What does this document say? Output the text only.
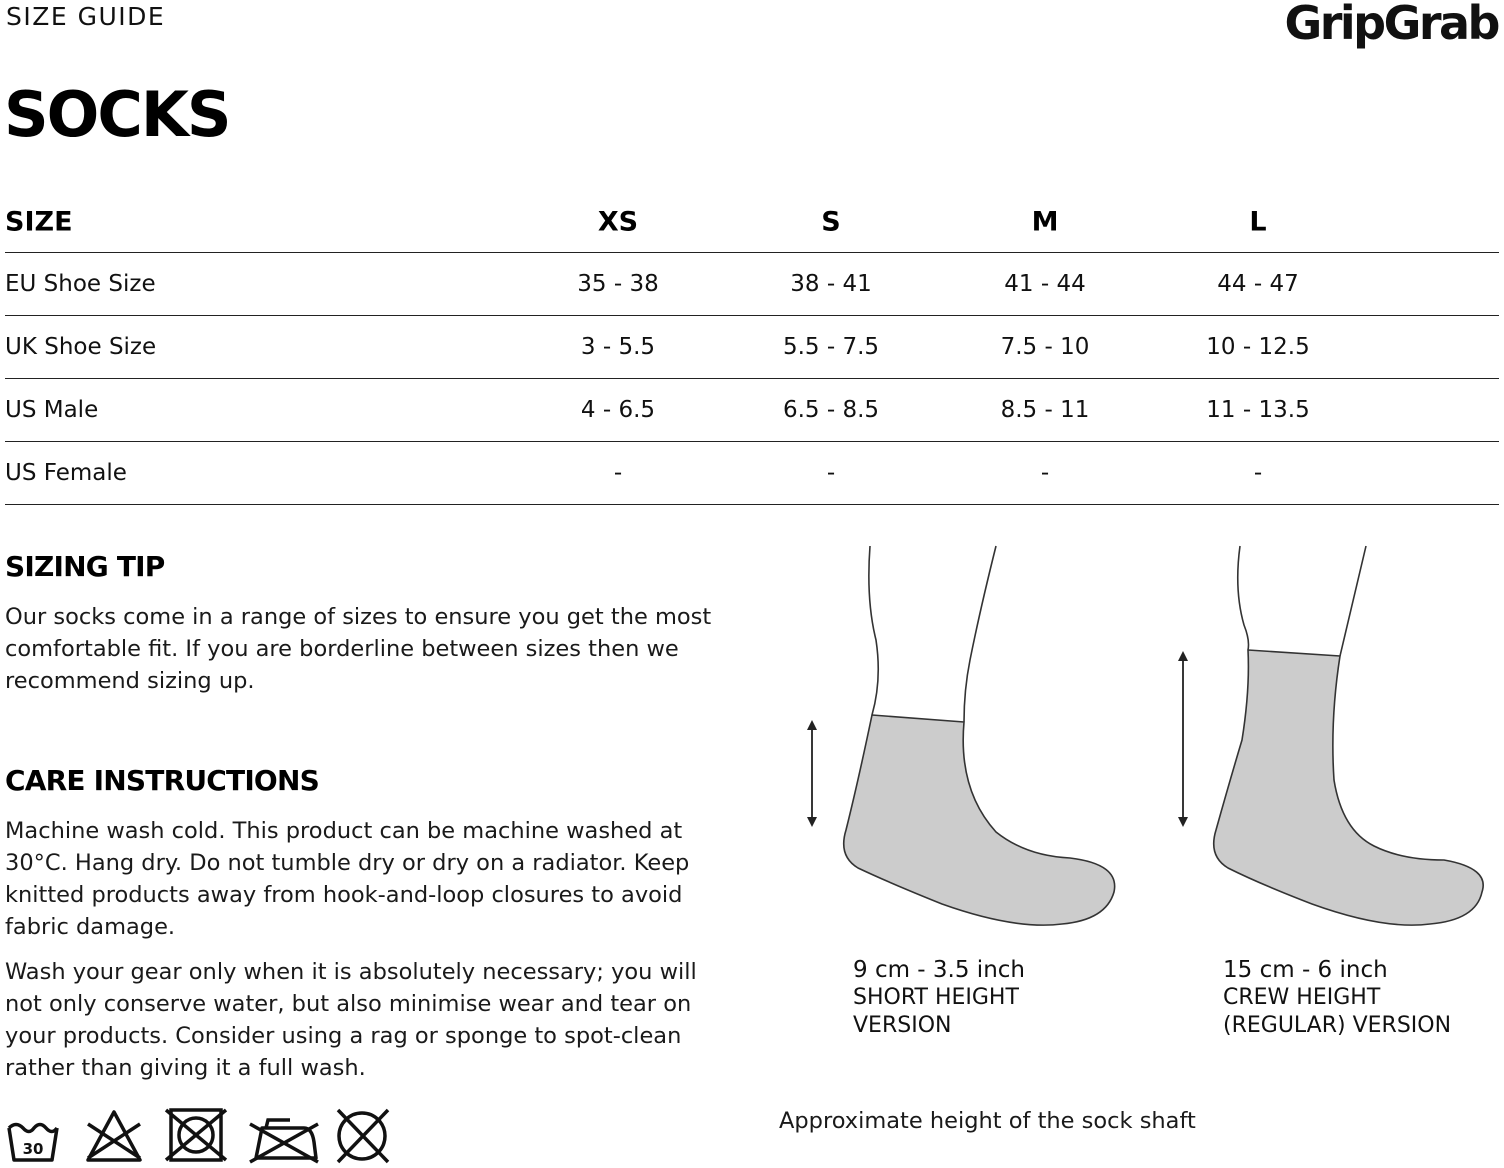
SIZE GUIDE	GripGrab
SOCKS
SIZE	XS	S	M	L
EU Shoe Size	35 - 38	38 - 41	41 - 44	44 - 47
UK Shoe Size	3 - 5.5	5.5 - 7.5	7.5 - 10	10 - 12.5
US Male	4 - 6.5	6.5 - 8.5	8.5 - 11	11 - 13.5
US Female	-	-	-	-
SIZING TIP

Our socks come in a range of sizes to ensure you get the most comfortable fit. If you are borderline between sizes then we recommend sizing up.

CARE INSTRUCTIONS

Machine wash cold. This product can be machine washed at 30°C. Hang dry. Do not tumble dry or dry on a radiator. Keep knitted products away from hook-and-loop closures to avoid fabric damage.

Wash your gear only when it is absolutely necessary; you will not only conserve water, but also minimise wear and tear on your products. Consider using a rag or sponge to spot-clean rather than giving it a full wash.

30
9 cm - 3.5 inch
SHORT HEIGHT
VERSION
15 cm - 6 inch
CREW HEIGHT
(REGULAR) VERSION
Approximate height of the sock shaft
